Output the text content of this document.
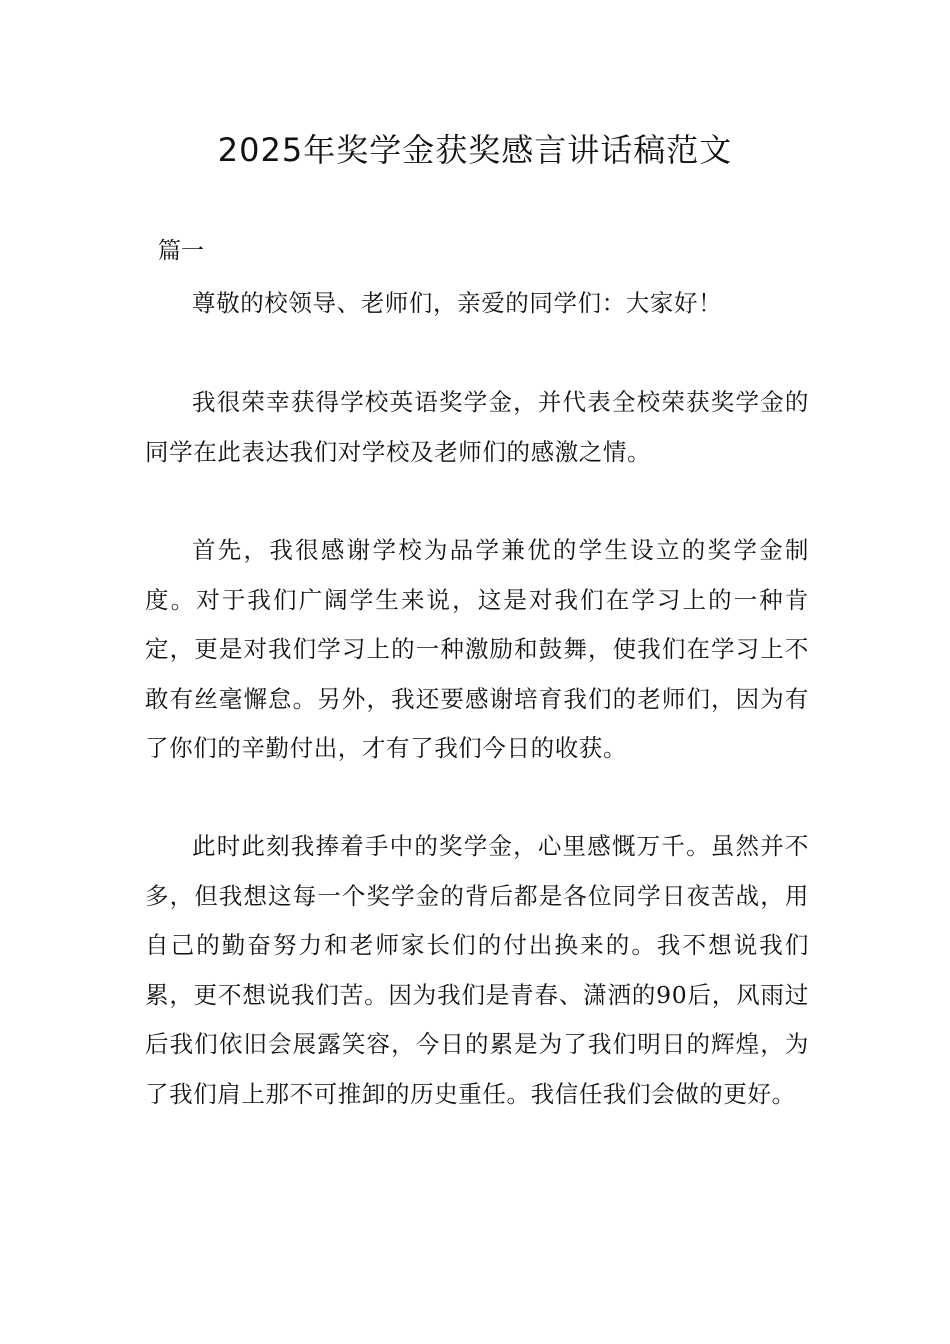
2025年奖学金获奖感言讲话稿范文

篇一

尊敬的校领导、老师们，亲爱的同学们：大家好！

我很荣幸获得学校英语奖学金，并代表全校荣获奖学金的同学在此表达我们对学校及老师们的感激之情。

首先，我很感谢学校为品学兼优的学生设立的奖学金制度。对于我们广阔学生来说，这是对我们在学习上的一种肯定，更是对我们学习上的一种激励和鼓舞，使我们在学习上不敢有丝毫懈怠。另外，我还要感谢培育我们的老师们，因为有了你们的辛勤付出，才有了我们今日的收获。

此时此刻我捧着手中的奖学金，心里感慨万千。虽然并不多，但我想这每一个奖学金的背后都是各位同学日夜苦战，用自己的勤奋努力和老师家长们的付出换来的。我不想说我们累，更不想说我们苦。因为我们是青春、潇洒的90后，风雨过后我们依旧会展露笑容，今日的累是为了我们明日的辉煌，为了我们肩上那不可推卸的历史重任。我信任我们会做的更好。
